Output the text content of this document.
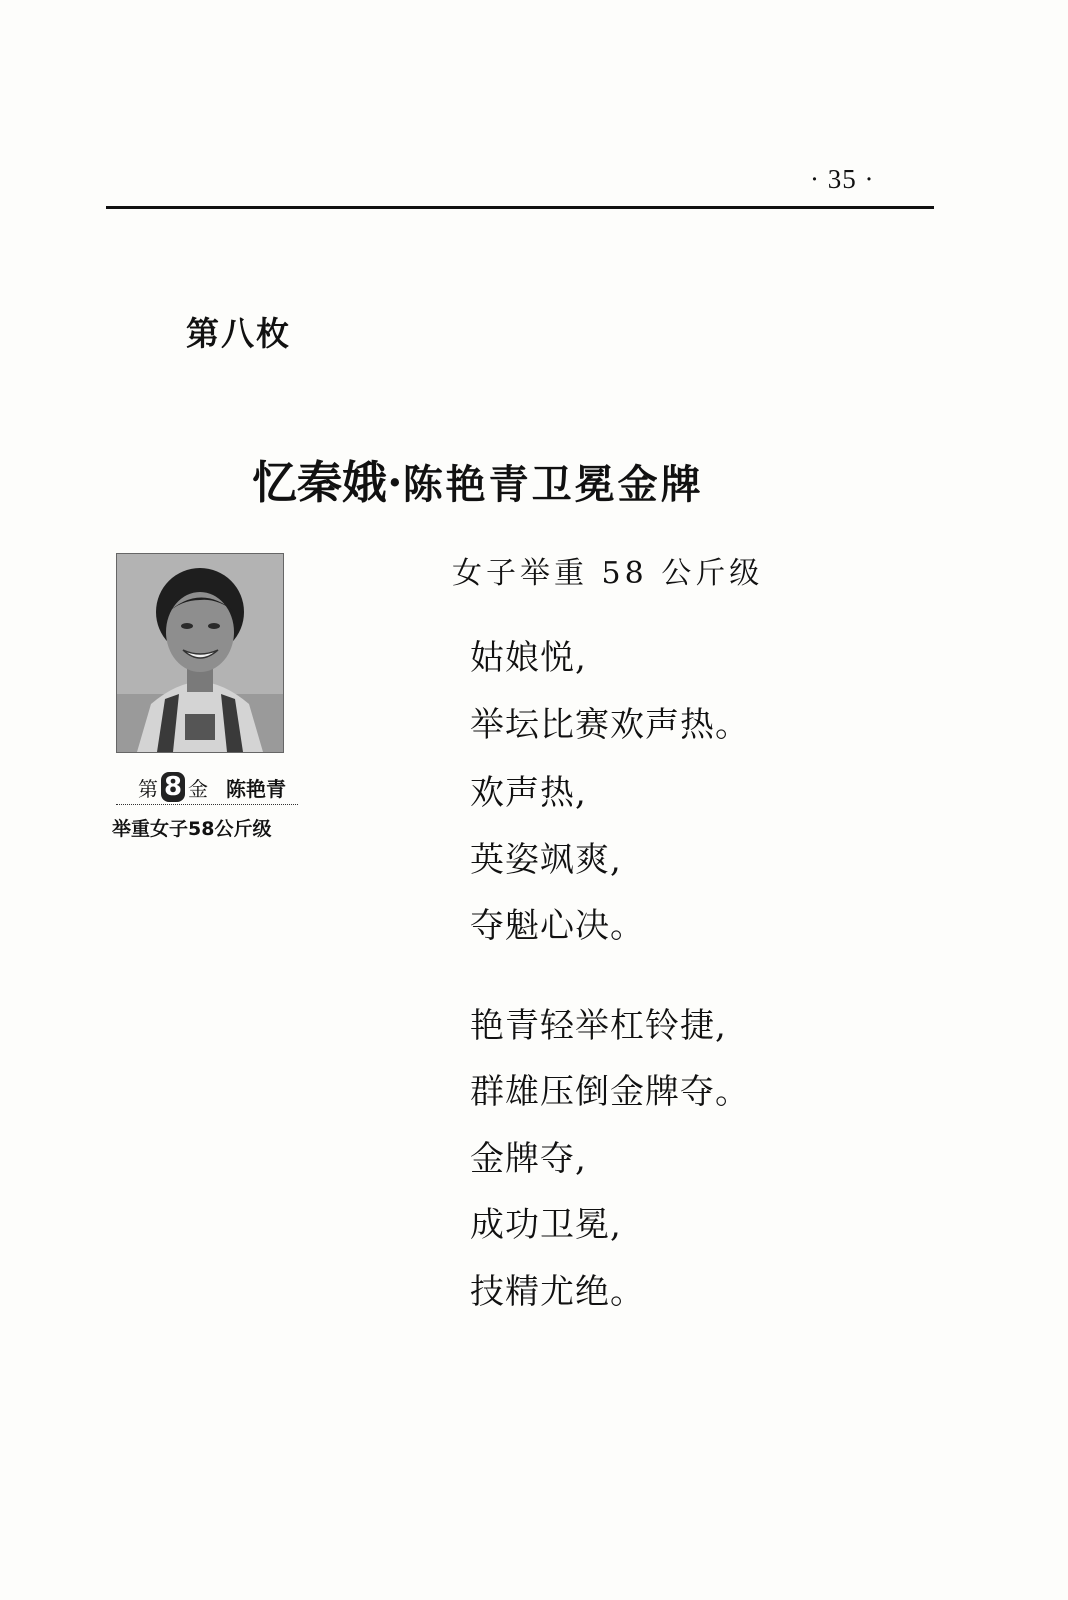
· 35 ·
第八枚
忆秦娥·陈艳青卫冕金牌
女子举重 58 公斤级
第 8 金 陈艳青
举重女子58公斤级
姑娘悦,
举坛比赛欢声热。
欢声热,
英姿飒爽,
夺魁心决。
艳青轻举杠铃捷,
群雄压倒金牌夺。
金牌夺,
成功卫冕,
技精尤绝。
